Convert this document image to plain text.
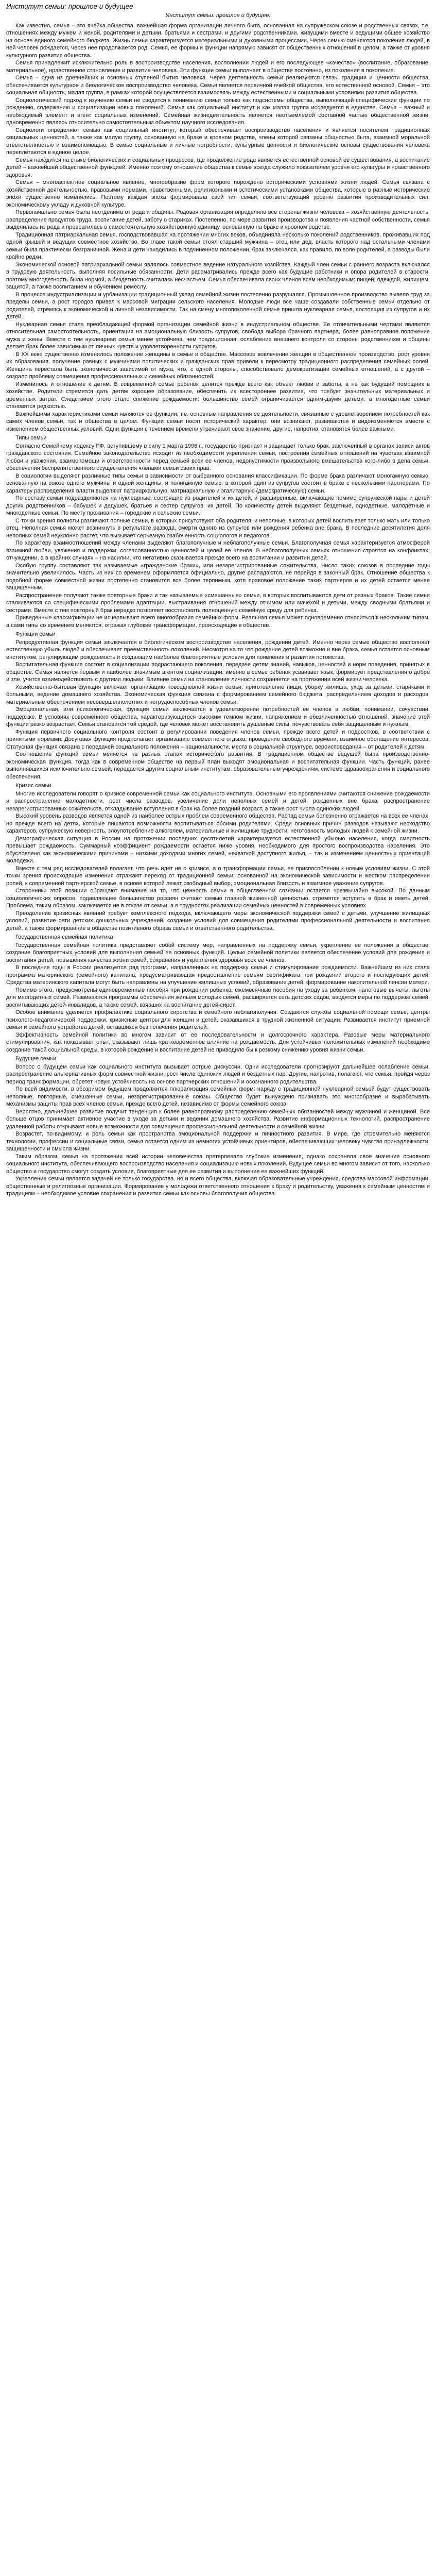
Институт семьи: прошлое и будущее
Институт семьи: прошлое и будущее.

Как известно, семья – это ячейка общества, важнейшая форма организации личного быта, основанная на супружеском союзе и родственных связях, т.е. отношениях между мужем и женой, родителями и детьми, братьями и сестрами, и другими родственниками, живущими вместе и ведущими общее хозяйство на основе единого семейного бюджета. Жизнь семьи характеризуется материальными и духовными процессами. Через семью сменяются поколения людей, в ней человек рождается, через нее продолжается род. Семья, ее формы и функции напрямую зависят от общественных отношений в целом, а также от уровня культурного развития общества.

Семья принадлежит исключительно роль в воспроизводстве населения, восполнении людей и его последующее «качество» (воспитание, образование, материальное), нравственное становление и развитие человека. Эти функции семьи выполняет в обществе постоянно, из поколения в поколение.

Семья – одна из древнейших и основных ступеней бытия человека. Через деятельность семьи реализуются связь, традиции и ценности общества, обеспечивается культурное и биологическое воспроизводство человека. Семья является первичной ячейкой общества, его естественной основой. Семья – это социальная общность, малая группа, в рамках которой осуществляется взаимосвязь между естественными и социальными условиями развития общества.

Социологический подход к изучению семьи не сводится к пониманию семьи только как подсистемы общества, выполняющей специфические функции по рождению, содержанию и социализации новых поколений. Семья как социальный институт и как малая группа исследуется в единстве. Семья – важный и необходимый элемент и агент социальных изменений. Семейная жизнедеятельность является неотъемлемой составной частью общественной жизни, одновременно являясь относительно самостоятельным объектом научного исследования.

Социологи определяют семью как социальный институт, который обеспечивает воспроизводство населения и является носителем традиционных социальных ценностей, а также как малую группу, основанную на браке и кровном родстве, члены которой связаны общностью быта, взаимной моральной ответственностью и взаимопомощью. В семье социальные и личные потребности, культурные ценности и биологические основы существования человека переплетаются в единое целое.

Семья находится на стыке биологических и социальных процессов, где продолжение рода является естественной основой ее существования, а воспитание детей – важнейшей общественной функцией. Именно поэтому отношение общества к семье всегда служило показателем уровня его культуры и нравственного здоровья.

Семья – многоаспектное социальное явление, многообразие форм которого порождено историческими условиями жизни людей. Семья связана с хозяйственной деятельностью, правовыми нормами, нравственными, религиозными и эстетическими установками общества, которые в разные исторические эпохи существенно изменялись. Поэтому каждая эпоха формировала свой тип семьи, соответствующий уровню развития производительных сил, экономическому укладу и духовной культуре.

Первоначально семья была неотделима от рода и общины. Родовая организация определяла все стороны жизни человека – хозяйственную деятельность, распределение продуктов труда, воспитание детей, заботу о стариках. Постепенно, по мере развития производства и появления частной собственности, семья выделилась из рода и превратилась в самостоятельную хозяйственную единицу, основанную на браке и кровном родстве.

Традиционная патриархальная семья, господствовавшая на протяжении многих веков, объединяла несколько поколений родственников, проживавших под одной крышей и ведущих совместное хозяйство. Во главе такой семьи стоял старший мужчина – отец или дед, власть которого над остальными членами семьи была практически безграничной. Жена и дети находились в подчиненном положении, брак заключался, как правило, по воле родителей, а разводы были крайне редки.

Экономической основой патриархальной семьи являлось совместное ведение натурального хозяйства. Каждый член семьи с раннего возраста включался в трудовую деятельность, выполняя посильные обязанности. Дети рассматривались прежде всего как будущие работники и опора родителей в старости, поэтому многодетность была нормой, а бездетность считалась несчастьем. Семья обеспечивала своих членов всем необходимым: пищей, одеждой, жилищем, защитой, а также воспитанием и обучением ремеслу.

В процессе индустриализации и урбанизации традиционный уклад семейной жизни постепенно разрушался. Промышленное производство вывело труд за пределы семьи, а рост городов привел к массовой миграции сельского населения. Молодые люди все чаще создавали собственные семьи отдельно от родителей, стремясь к экономической и личной независимости. Так на смену многопоколенной семье пришла нуклеарная семья, состоящая из супругов и их детей.

Нуклеарная семья стала преобладающей формой организации семейной жизни в индустриальном обществе. Ее отличительными чертами являются относительная самостоятельность, ориентация на эмоциональную близость супругов, свобода выбора брачного партнера, более равноправное положение мужа и жены. Вместе с тем нуклеарная семья менее устойчива, чем традиционная: ослабление внешнего контроля со стороны родственников и общины делает брак более зависимым от личных чувств и удовлетворенности супругов.

В XX веке существенно изменилось положение женщины в семье и обществе. Массовое вовлечение женщин в общественное производство, рост уровня их образования, получение равных с мужчинами политических и гражданских прав привели к пересмотру традиционного распределения семейных ролей. Женщина перестала быть экономически зависимой от мужа, что, с одной стороны, способствовало демократизации семейных отношений, а с другой – создало проблему совмещения профессиональных и семейных обязанностей.

Изменилось и отношение к детям. В современной семье ребенок ценится прежде всего как объект любви и заботы, а не как будущий помощник в хозяйстве. Родители стремятся дать детям хорошее образование, обеспечить их всестороннее развитие, что требует значительных материальных и временных затрат. Следствием этого стало снижение рождаемости: большинство семей ограничивается одним-двумя детьми, а многодетные семьи становятся редкостью.

Важнейшими характеристиками семьи являются ее функции, т.е. основные направления ее деятельности, связанные с удовлетворением потребностей как самих членов семьи, так и общества в целом. Функции семьи носят исторический характер: они возникают, развиваются и видоизменяются вместе с изменением общественных условий. Одни функции с течением времени утрачивают свое значение, другие, напротив, становятся более важными.

Типы семьи

Согласно Семейному кодексу РФ, вступившему в силу 1 марта 1996 г., государство признает и защищает только брак, заключенный в органах записи актов гражданского состояния. Семейное законодательство исходит из необходимости укрепления семьи, построения семейных отношений на чувствах взаимной любви и уважения, взаимопомощи и ответственности перед семьей всех ее членов, недопустимости произвольного вмешательства кого-либо в дела семьи, обеспечения беспрепятственного осуществления членами семьи своих прав.

В социологии выделяют различные типы семьи в зависимости от выбранного основания классификации. По форме брака различают моногамную семью, основанную на союзе одного мужчины и одной женщины, и полигамную семью, в которой один из супругов состоит в браке с несколькими партнерами. По характеру распределения власти выделяют патриархальную, матриархальную и эгалитарную (демократическую) семьи.

По составу семьи подразделяются на нуклеарные, состоящие из родителей и их детей, и расширенные, включающие помимо супружеской пары и детей других родственников – бабушек и дедушек, братьев и сестер супругов, их детей. По количеству детей выделяют бездетные, однодетные, малодетные и многодетные семьи. По месту проживания – городские и сельские семьи.

С точки зрения полноты различают полные семьи, в которых присутствуют оба родителя, и неполные, в которых детей воспитывает только мать или только отец. Неполная семья может возникнуть в результате развода, смерти одного из супругов или рождения ребенка вне брака. В последние десятилетия доля неполных семей неуклонно растет, что вызывает серьезную озабоченность социологов и педагогов.

По характеру взаимоотношений между членами выделяют благополучные и неблагополучные семьи. Благополучная семья характеризуется атмосферой взаимной любви, уважения и поддержки, согласованностью ценностей и целей ее членов. В неблагополучных семьях отношения строятся на конфликтах, отчуждении, а в крайних случаях – на насилии, что негативно сказывается прежде всего на воспитании и развитии детей.

Особую группу составляют так называемые «гражданские браки», или незарегистрированные сожительства. Число таких союзов в последние годы значительно увеличилось. Часть из них со временем оформляется официально, другие распадаются, не перейдя в законный брак. Отношение общества к подобной форме совместной жизни постепенно становится все более терпимым, хотя правовое положение таких партнеров и их детей остается менее защищенным.

Распространение получают также повторные браки и так называемые «смешанные» семьи, в которых воспитываются дети от разных браков. Такие семьи сталкиваются со специфическими проблемами адаптации, выстраивания отношений между отчимом или мачехой и детьми, между сводными братьями и сестрами. Вместе с тем повторный брак нередко позволяет восстановить полноценную семейную среду для ребенка.

Приведенные классификации не исчерпывают всего многообразия семейных форм. Реальная семья может одновременно относиться к нескольким типам, а сами типы со временем меняются, отражая глубокие трансформации, происходящие в обществе.

Функции семьи

Репродуктивная функция семьи заключается в биологическом воспроизводстве населения, рождении детей. Именно через семью общество восполняет естественную убыль людей и обеспечивает преемственность поколений. Несмотря на то что рождение детей возможно и вне брака, семья остается основным институтом, регулирующим рождаемость и создающим наиболее благоприятные условия для появления и развития потомства.

Воспитательная функция состоит в социализации подрастающего поколения, передаче детям знаний, навыков, ценностей и норм поведения, принятых в обществе. Семья является первым и наиболее значимым агентом социализации: именно в семье ребенок усваивает язык, формирует представления о добре и зле, учится взаимодействовать с другими людьми. Влияние семьи на становление личности сохраняется на протяжении всей жизни человека.

Хозяйственно-бытовая функция включает организацию повседневной жизни семьи: приготовление пищи, уборку жилища, уход за детьми, стариками и больными, ведение домашнего хозяйства. Экономическая функция связана с формированием семейного бюджета, распределением доходов и расходов, материальным обеспечением несовершеннолетних и нетрудоспособных членов семьи.

Эмоциональная, или психологическая, функция семьи заключается в удовлетворении потребностей ее членов в любви, понимании, сочувствии, поддержке. В условиях современного общества, характеризующегося высоким темпом жизни, напряжением и обезличенностью отношений, значение этой функции резко возрастает. Семья становится той средой, где человек может восстановить душевные силы, почувствовать себя защищенным и нужным.

Функция первичного социального контроля состоит в регулировании поведения членов семьи, прежде всего детей и подростков, в соответствии с принятыми нормами. Досуговая функция предполагает организацию совместного отдыха, проведение свободного времени, взаимное обогащение интересов. Статусная функция связана с передачей социального положения – национальности, места в социальной структуре, вероисповедания – от родителей к детям.

Соотношение функций семьи меняется на разных этапах исторического развития. В традиционном обществе ведущей была производственно-экономическая функция, тогда как в современном обществе на первый план выходят эмоциональная и воспитательная функции. Часть функций, ранее выполнявшихся исключительно семьей, передается другим социальным институтам: образовательным учреждениям, системе здравоохранения и социального обеспечения.

Кризис семьи

Многие исследователи говорят о кризисе современной семьи как социального института. Основными его проявлениями считаются снижение рождаемости и распространение малодетности, рост числа разводов, увеличение доли неполных семей и детей, рожденных вне брака, распространение незарегистрированных сожительств, откладывание вступления в брак на более поздний возраст, а также рост числа одиноких людей.

Высокий уровень разводов является одной из наиболее острых проблем современного общества. Распад семьи болезненно отражается на всех ее членах, но прежде всего на детях, которые лишаются возможности воспитываться обоими родителями. Среди основных причин разводов называют несходство характеров, супружескую неверность, злоупотребление алкоголем, материальные и жилищные трудности, неготовность молодых людей к семейной жизни.

Демографическая ситуация в России на протяжении последних десятилетий характеризуется естественной убылью населения, когда смертность превышает рождаемость. Суммарный коэффициент рождаемости остается ниже уровня, необходимого для простого воспроизводства населения. Это обусловлено как экономическими причинами – низкими доходами многих семей, нехваткой доступного жилья, – так и изменением ценностных ориентаций молодежи.

Вместе с тем ряд исследователей полагает, что речь идет не о кризисе, а о трансформации семьи, ее приспособлении к новым условиям жизни. С этой точки зрения происходящие изменения отражают переход от традиционной семьи, основанной на экономической зависимости и жестком распределении ролей, к современной партнерской семье, в основе которой лежат свободный выбор, эмоциональная близость и взаимное уважение супругов.

Сторонники этой позиции обращают внимание на то, что ценность семьи в общественном сознании остается чрезвычайно высокой. По данным социологических опросов, подавляющее большинство россиян считают семью главной жизненной ценностью, стремятся вступить в брак и иметь детей. Проблема, таким образом, заключается не в отказе от семьи, а в трудностях реализации семейных ценностей в современных условиях.

Преодоление кризисных явлений требует комплексного подхода, включающего меры экономической поддержки семей с детьми, улучшение жилищных условий, развитие сети детских дошкольных учреждений, создание условий для совмещения родителями профессиональной деятельности и воспитания детей, а также формирование в обществе позитивного образа семьи и ответственного родительства.

Государственная семейная политика

Государственная семейная политика представляет собой систему мер, направленных на поддержку семьи, укрепление ее положения в обществе, создание благоприятных условий для выполнения семьей ее основных функций. Целью семейной политики является обеспечение условий для рождения и воспитания детей, повышения качества жизни семей, сохранения и укрепления здоровья всех ее членов.

В последние годы в России реализуется ряд программ, направленных на поддержку семьи и стимулирование рождаемости. Важнейшим из них стала программа материнского (семейного) капитала, предусматривающая предоставление семьям сертификата при рождении второго и последующих детей. Средства материнского капитала могут быть направлены на улучшение жилищных условий, образование детей, формирование накопительной пенсии матери.

Помимо этого, предусмотрены единовременные пособия при рождении ребенка, ежемесячные пособия по уходу за ребенком, налоговые вычеты, льготы для многодетных семей. Развиваются программы обеспечения жильем молодых семей, расширяется сеть детских садов, вводятся меры по поддержке семей, воспитывающих детей-инвалидов, а также семей, взявших на воспитание детей-сирот.

Особое внимание уделяется профилактике социального сиротства и семейного неблагополучия. Создаются службы социальной помощи семье, центры психолого-педагогической поддержки, кризисные центры для женщин и детей, оказавшихся в трудной жизненной ситуации. Развивается институт приемной семьи и семейного устройства детей, оставшихся без попечения родителей.

Эффективность семейной политики во многом зависит от ее последовательности и долгосрочного характера. Разовые меры материального стимулирования, как показывает опыт, оказывают лишь кратковременное влияние на рождаемость. Для устойчивых положительных изменений необходимо создание такой социальной среды, в которой рождение и воспитание детей не приводило бы к резкому снижению уровня жизни семьи.

Будущее семьи

Вопрос о будущем семьи как социального института вызывает острые дискуссии. Одни исследователи прогнозируют дальнейшее ослабление семьи, распространение альтернативных форм совместной жизни, рост числа одиноких людей и бездетных пар. Другие, напротив, полагают, что семья, пройдя через период трансформации, обретет новую устойчивость на основе партнерских отношений и осознанного родительства.

По всей видимости, в обозримом будущем продолжится плюрализация семейных форм: наряду с традиционной нуклеарной семьей будут существовать неполные, повторные, смешанные семьи, незарегистрированные союзы. Общество будет вынуждено признавать это многообразие и вырабатывать механизмы защиты прав всех членов семьи, прежде всего детей, независимо от формы семейного союза.

Вероятно, дальнейшее развитие получит тенденция к более равноправному распределению семейных обязанностей между мужчиной и женщиной. Все больше отцов принимает активное участие в уходе за детьми и ведении домашнего хозяйства. Развитие информационных технологий, распространение удаленной работы открывают новые возможности для совмещения профессиональной деятельности и семейной жизни.

Возрастет, по-видимому, и роль семьи как пространства эмоциональной поддержки и личностного развития. В мире, где стремительно меняются технологии, профессии и социальные связи, семья остается одним из немногих устойчивых ориентиров, обеспечивающих человеку чувство принадлежности, защищенности и смысла жизни.

Таким образом, семья на протяжении всей истории человечества претерпевала глубокие изменения, однако сохраняла свое значение основного социального института, обеспечивающего воспроизводство населения и социализацию новых поколений. Будущее семьи во многом зависит от того, насколько общество и государство смогут создать условия, благоприятные для ее развития и выполнения ее важнейших функций.

Укрепление семьи является задачей не только государства, но и всего общества, включая образовательные учреждения, средства массовой информации, общественные и религиозные организации. Формирование у молодежи ответственного отношения к браку и родительству, уважения к семейным ценностям и традициям – необходимое условие сохранения и развития семьи как основы благополучия общества.
